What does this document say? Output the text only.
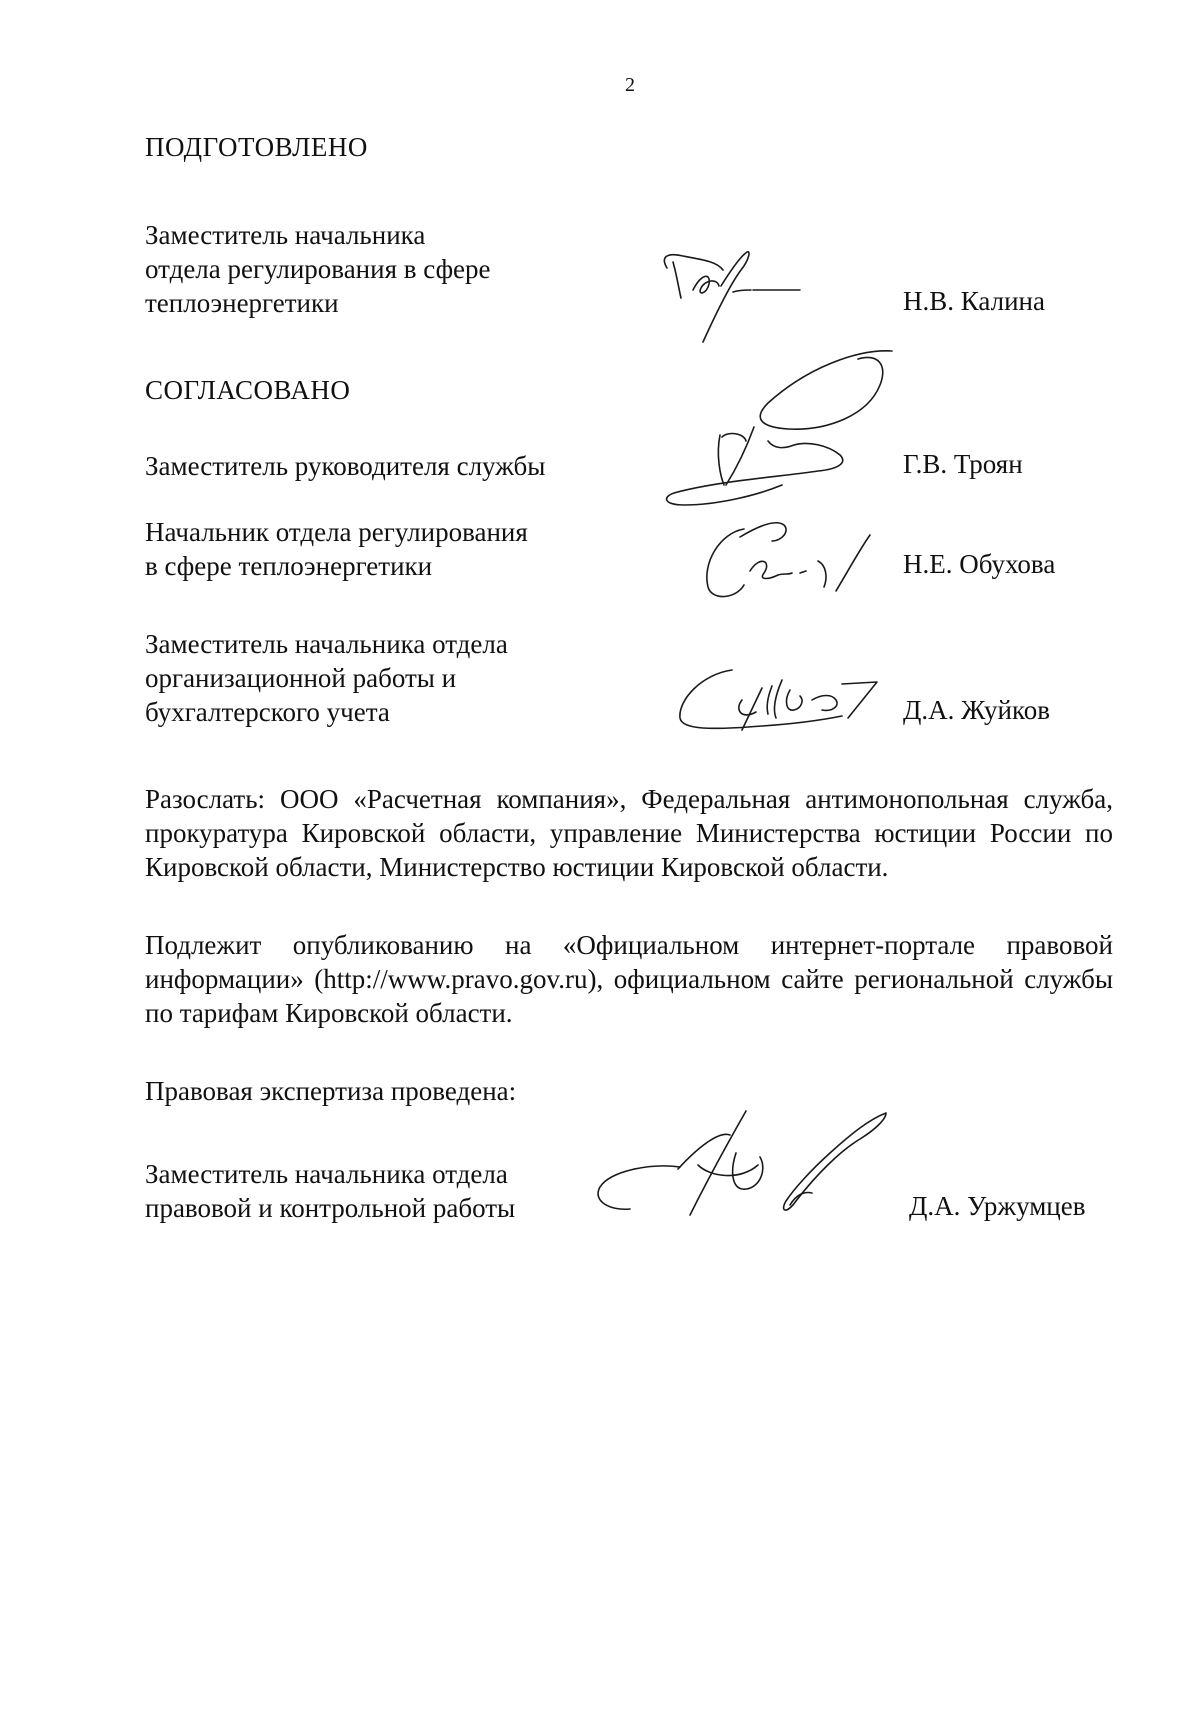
2
ПОДГОТОВЛЕНО
Заместитель начальника
отдела регулирования в сфере
теплоэнергетики	Н.В. Калина
СОГЛАСОВАНО
Заместитель руководителя службы	Г.В. Троян
Начальник отдела регулирования
в сфере теплоэнергетики	Н.Е. Обухова
Заместитель начальника отдела
организационной работы и
бухгалтерского учета	Д.А. Жуйков
Разослать: ООО «Расчетная компания», Федеральная антимонопольная служба, прокуратура Кировской области, управление Министерства юстиции России по Кировской области, Министерство юстиции Кировской области.
Подлежит опубликованию на «Официальном интернет-портале правовой информации» (http://www.pravo.gov.ru), официальном сайте региональной службы по тарифам Кировской области.
Правовая экспертиза проведена:
Заместитель начальника отдела
правовой и контрольной работы	Д.А. Уржумцев
